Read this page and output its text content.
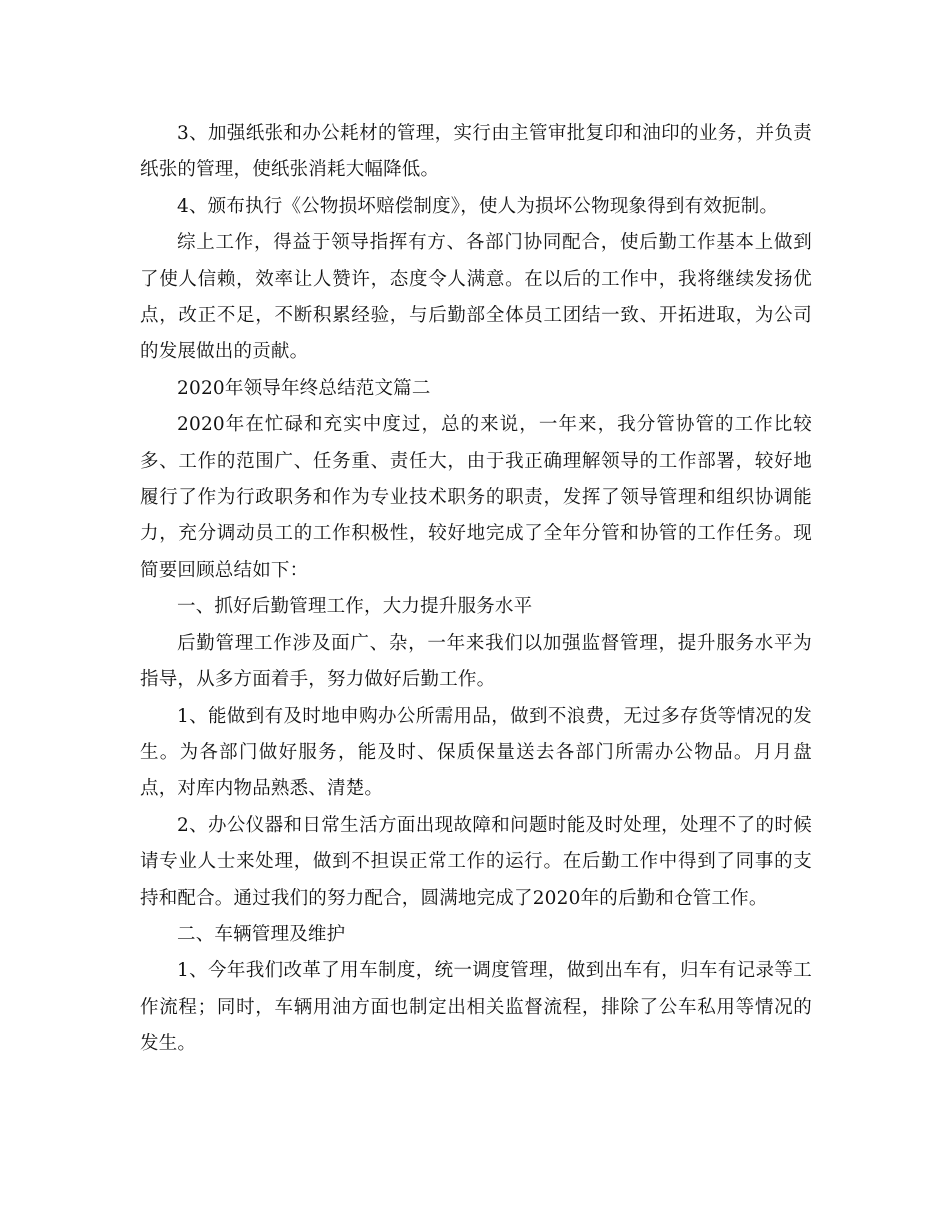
3、加强纸张和办公耗材的管理，实行由主管审批复印和油印的业务，并负责纸张的管理，使纸张消耗大幅降低。

4、颁布执行《公物损坏赔偿制度》，使人为损坏公物现象得到有效扼制。

综上工作，得益于领导指挥有方、各部门协同配合，使后勤工作基本上做到了使人信赖，效率让人赞许，态度令人满意。在以后的工作中，我将继续发扬优点，改正不足，不断积累经验，与后勤部全体员工团结一致、开拓进取，为公司的发展做出的贡献。

2020年领导年终总结范文篇二

2020年在忙碌和充实中度过，总的来说，一年来，我分管协管的工作比较多、工作的范围广、任务重、责任大，由于我正确理解领导的工作部署，较好地履行了作为行政职务和作为专业技术职务的职责，发挥了领导管理和组织协调能力，充分调动员工的工作积极性，较好地完成了全年分管和协管的工作任务。现简要回顾总结如下：

一、抓好后勤管理工作，大力提升服务水平

后勤管理工作涉及面广、杂，一年来我们以加强监督管理，提升服务水平为指导，从多方面着手，努力做好后勤工作。

1、能做到有及时地申购办公所需用品，做到不浪费，无过多存货等情况的发生。为各部门做好服务，能及时、保质保量送去各部门所需办公物品。月月盘点，对库内物品熟悉、清楚。

2、办公仪器和日常生活方面出现故障和问题时能及时处理，处理不了的时候请专业人士来处理，做到不担误正常工作的运行。在后勤工作中得到了同事的支持和配合。通过我们的努力配合，圆满地完成了2020年的后勤和仓管工作。

二、车辆管理及维护

1、今年我们改革了用车制度，统一调度管理，做到出车有，归车有记录等工作流程；同时，车辆用油方面也制定出相关监督流程，排除了公车私用等情况的发生。
